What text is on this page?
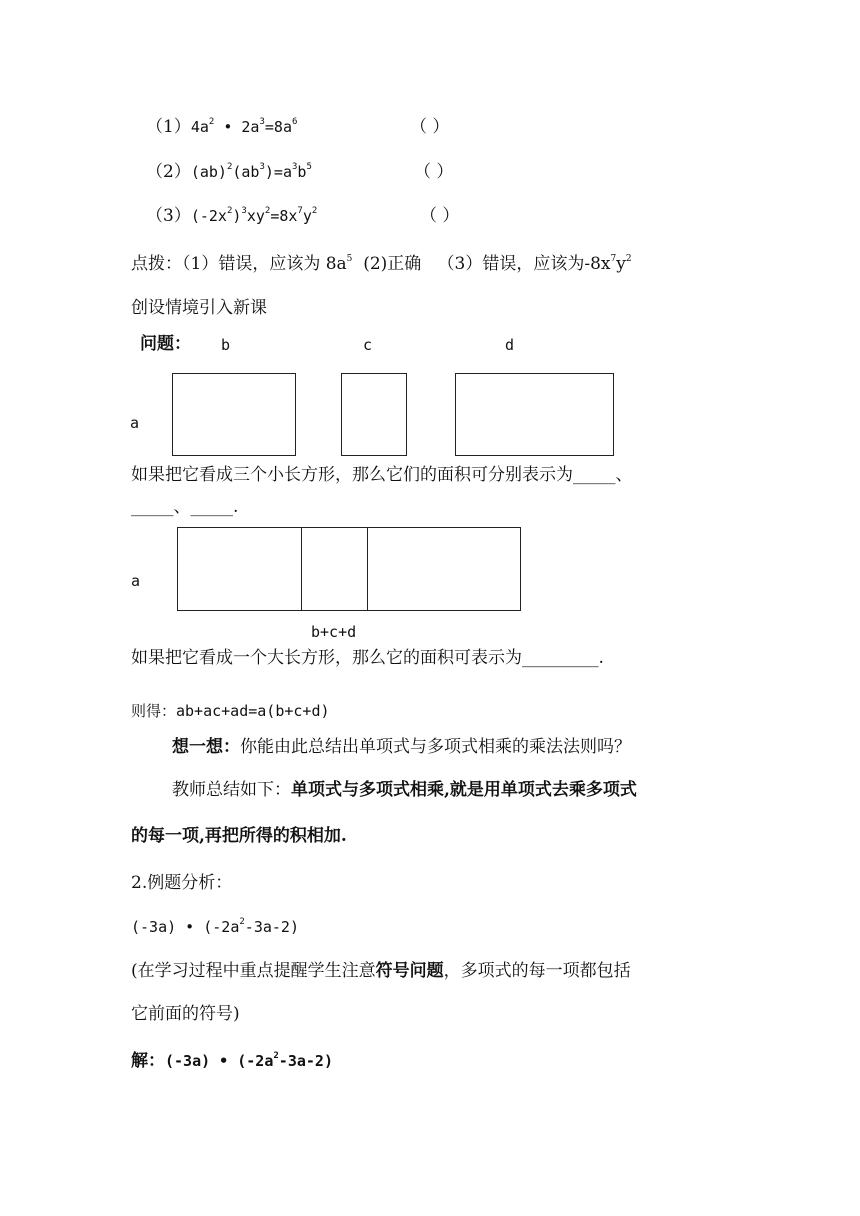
$(1)4a^2$ • $2a^3=8a^6$	（ ）
$(2)(ab)^2(ab^3)=a^3b^5$	（ ）
$(3)(-2x^2)^3xy^2=8x^7y^2$	（ ）
点拨：（1）错误，应该为 $8a^5$  (2)正确   （3）错误，应该为$-8x^7y^2$
创设情境引入新课
问题： b	c	d
a
如果把它看成三个小长方形，那么它们的面积可分别表示为_____、
_____、_____.
a
b+c+d
如果把它看成一个大长方形，那么它的面积可表示为_________.
则得：ab+ac+ad=a(b+c+d)
想一想：你能由此总结出单项式与多项式相乘的乘法法则吗？
教师总结如下：单项式与多项式相乘,就是用单项式去乘多项式
的每一项,再把所得的积相加.
2.例题分析：
(-3a) • $(-2a^2-3a-2)$
(在学习过程中重点提醒学生注意符号问题，多项式的每一项都包括
它前面的符号)
解：(-3a) • $(-2a^2-3a-2)$
